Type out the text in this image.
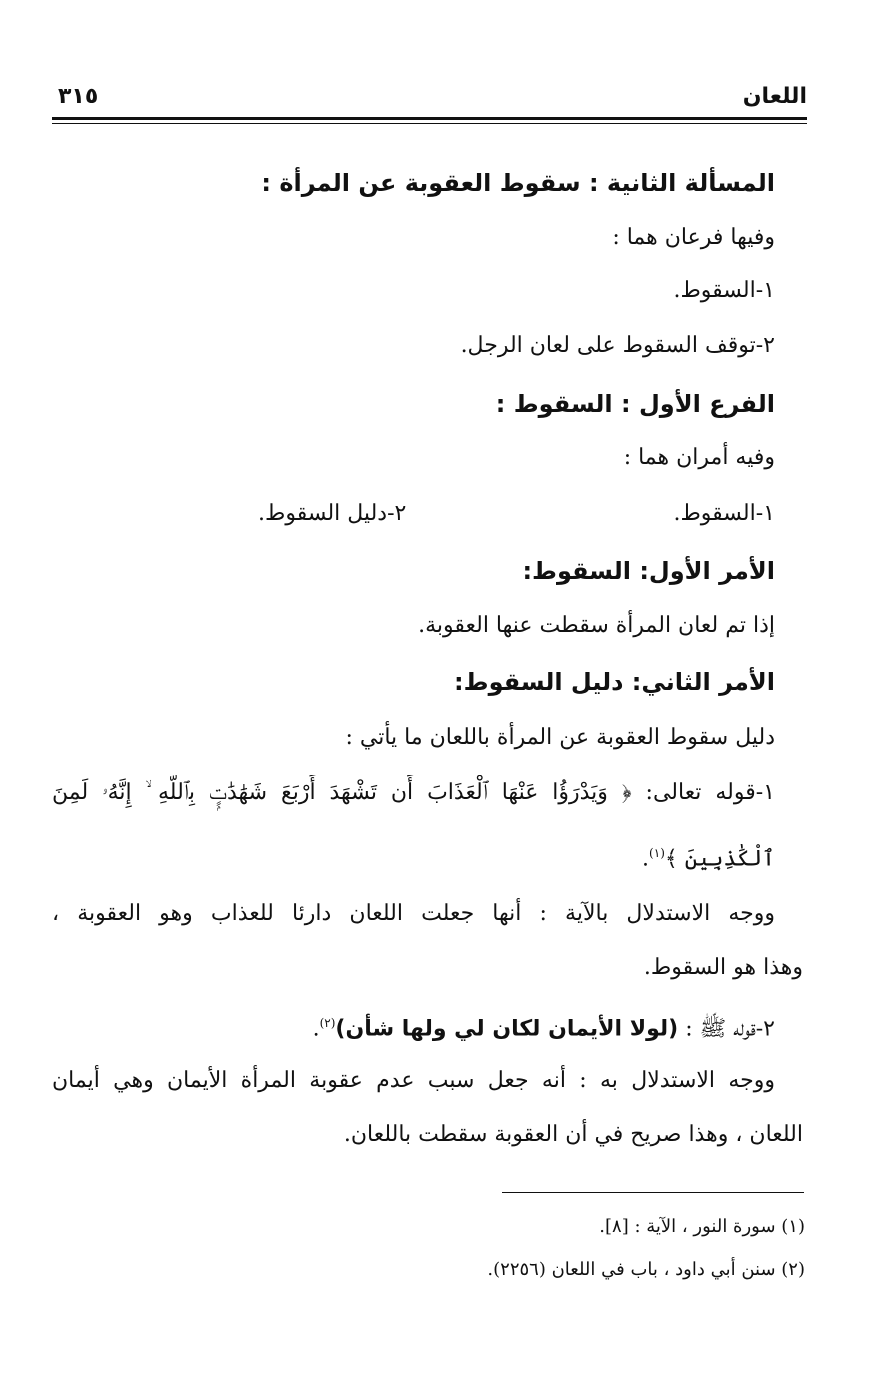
اللعان
٣١٥
المسألة الثانية : سقوط العقوبة عن المرأة :
وفيها فرعان هما :
١-السقوط.
٢-توقف السقوط على لعان الرجل.
الفرع الأول : السقوط :
وفيه أمران هما :
١-السقوط.
٢-دليل السقوط.
الأمر الأول: السقوط:
إذا تم لعان المرأة سقطت عنها العقوبة.
الأمر الثاني: دليل السقوط:
دليل سقوط العقوبة عن المرأة باللعان ما يأتي :
١-قوله تعالى: ﴿ وَيَدْرَؤُا عَنْهَا ٱلْعَذَابَ أَن تَشْهَدَ أَرْبَعَ شَهَٰدَٰتٍۭ بِٱللَّهِ ۙ إِنَّهُۥ لَمِنَ
ٱلْكَٰذِبِينَ ﴾$^{(١)}$.
ووجه الاستدلال بالآية : أنها جعلت اللعان دارئا للعذاب وهو العقوبة ،
وهذا هو السقوط.
٢-قوله ﷺ : (لولا الأيمان لكان لي ولها شأن)$^{(٢)}$.
ووجه الاستدلال به : أنه جعل سبب عدم عقوبة المرأة الأيمان وهي أيمان
اللعان ، وهذا صريح في أن العقوبة سقطت باللعان.
(١) سورة النور ، الآية : [٨].
(٢) سنن أبي داود ، باب في اللعان (٢٢٥٦).
